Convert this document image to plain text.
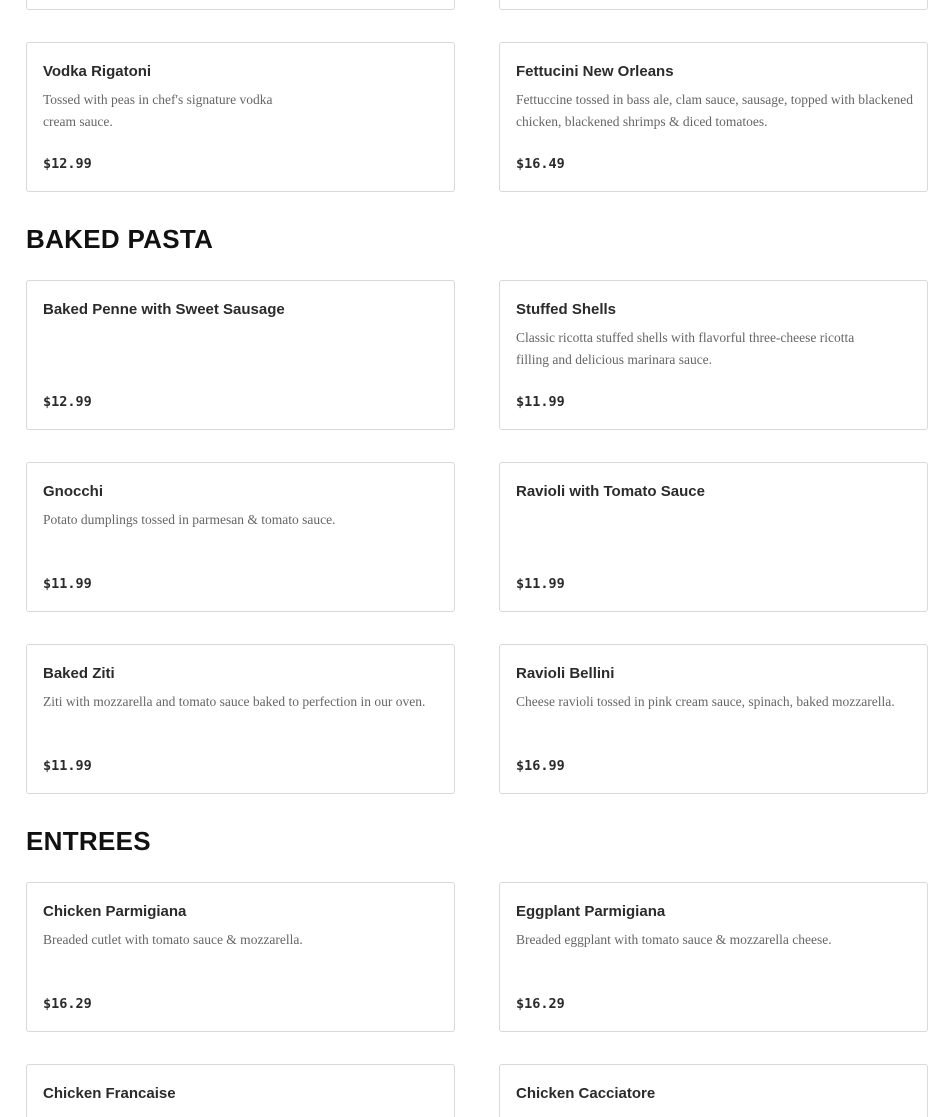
Vodka Rigatoni
Tossed with peas in chef's signature vodka cream sauce.
$12.99
Fettucini New Orleans
Fettuccine tossed in bass ale, clam sauce, sausage, topped with blackened chicken, blackened shrimps & diced tomatoes.
$16.49
BAKED PASTA
Baked Penne with Sweet Sausage
$12.99
Stuffed Shells
Classic ricotta stuffed shells with flavorful three-cheese ricotta filling and delicious marinara sauce.
$11.99
Gnocchi
Potato dumplings tossed in parmesan & tomato sauce.
$11.99
Ravioli with Tomato Sauce
$11.99
Baked Ziti
Ziti with mozzarella and tomato sauce baked to perfection in our oven.
$11.99
Ravioli Bellini
Cheese ravioli tossed in pink cream sauce, spinach, baked mozzarella.
$16.99
ENTREES
Chicken Parmigiana
Breaded cutlet with tomato sauce & mozzarella.
$16.29
Eggplant Parmigiana
Breaded eggplant with tomato sauce & mozzarella cheese.
$16.29
Chicken Francaise	Chicken Cacciatore
